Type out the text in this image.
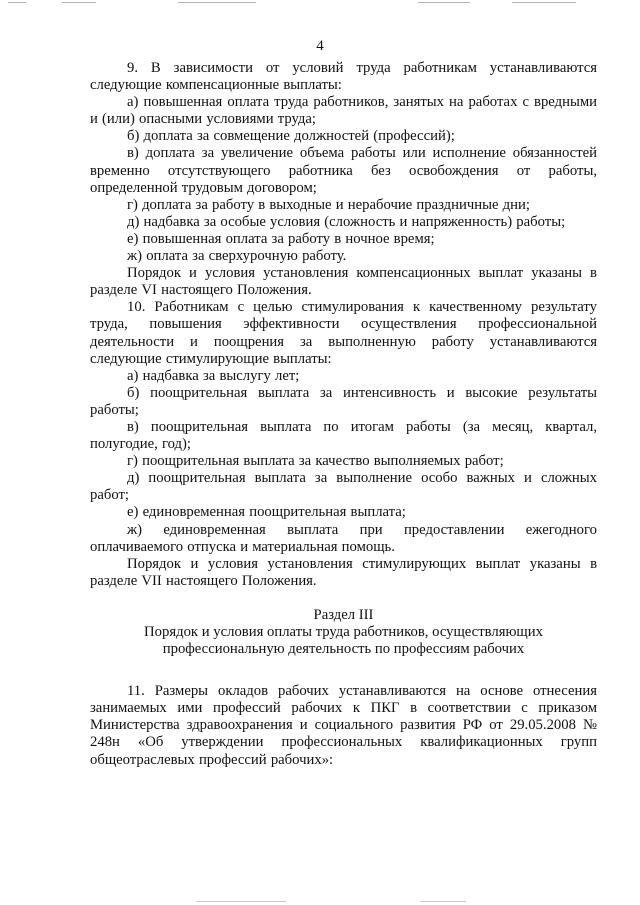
4

9. В зависимости от условий труда работникам устанавливаются следующие компенсационные выплаты:

а) повышенная оплата труда работников, занятых на работах с вредными и (или) опасными условиями труда;

б) доплата за совмещение должностей (профессий);

в) доплата за увеличение объема работы или исполнение обязанностей временно отсутствующего работника без освобождения от работы, определенной трудовым договором;

г) доплата за работу в выходные и нерабочие праздничные дни;

д) надбавка за особые условия (сложность и напряженность) работы;

е) повышенная оплата за работу в ночное время;

ж) оплата за сверхурочную работу.

Порядок и условия установления компенсационных выплат указаны в разделе VI настоящего Положения.

10. Работникам с целью стимулирования к качественному результату труда, повышения эффективности осуществления профессиональной деятельности и поощрения за выполненную работу устанавливаются следующие стимулирующие выплаты:

а) надбавка за выслугу лет;

б) поощрительная выплата за интенсивность и высокие результаты работы;

в) поощрительная выплата по итогам работы (за месяц, квартал, полугодие, год);

г) поощрительная выплата за качество выполняемых работ;

д) поощрительная выплата за выполнение особо важных и сложных работ;

е) единовременная поощрительная выплата;

ж) единовременная выплата при предоставлении ежегодного оплачиваемого отпуска и материальная помощь.

Порядок и условия установления стимулирующих выплат указаны в разделе VII настоящего Положения.

Раздел III

Порядок и условия оплаты труда работников, осуществляющих

профессиональную деятельность по профессиям рабочих

11. Размеры окладов рабочих устанавливаются на основе отнесения занимаемых ими профессий рабочих к ПКГ в соответствии с приказом Министерства здравоохранения и социального развития РФ от 29.05.2008 № 248н «Об утверждении профессиональных квалификационных групп общеотраслевых профессий рабочих»:
